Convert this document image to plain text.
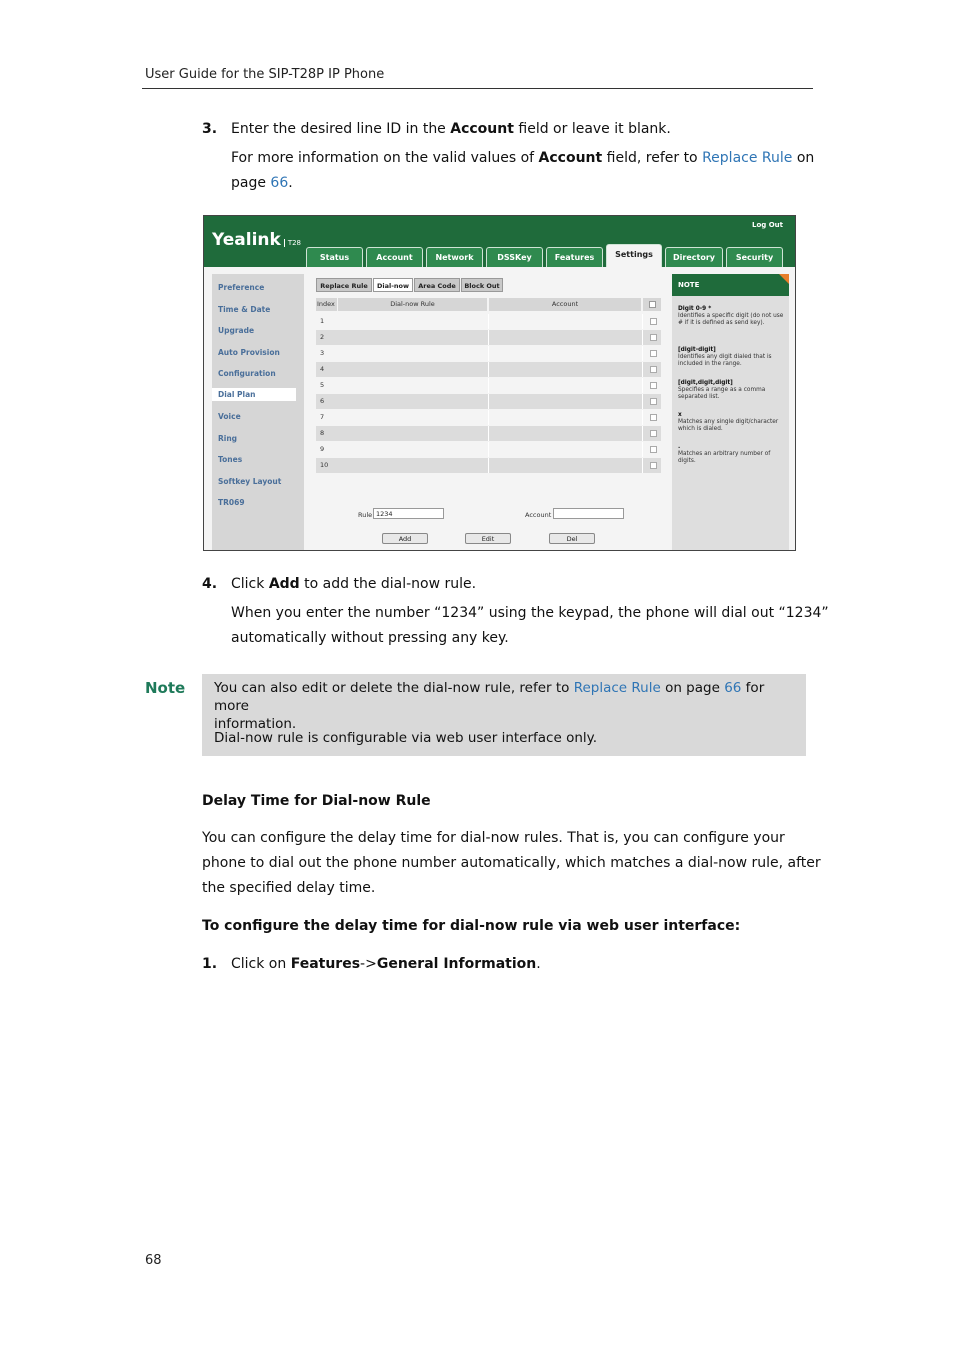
User Guide for the SIP-T28P IP Phone
3. Enter the desired line ID in the Account field or leave it blank.
For more information on the valid values of Account field, refer to Replace Rule on
page 66.
Yealink T28
Log Out
Status	Account	Network	DSSKey	Features	Settings	Directory	Security
Preference
Time & Date
Upgrade
Auto Provision
Configuration
Dial Plan
Voice
Ring
Tones
Softkey Layout
TR069
Replace Rule	Dial-now	Area Code	Block Out
Index	Dial-now Rule	Account
1
2
3
4
5
6
7
8
9
10
Rule 1234	Account
Add	Edit	Del
NOTE
Digit 0-9 *
Identifies a specific digit (do not use # if it is defined as send key).
[digit-digit]
Identifies any digit dialed that is included in the range.
[digit,digit,digit]
Specifies a range as a comma separated list.
x
Matches any single digit/character which is dialed.
.
Matches an arbitrary number of digits.
4. Click Add to add the dial-now rule.
When you enter the number “1234” using the keypad, the phone will dial out “1234”
automatically without pressing any key.
Note You can also edit or delete the dial-now rule, refer to Replace Rule on page 66 for more
information.
Dial-now rule is configurable via web user interface only.
Delay Time for Dial-now Rule
You can configure the delay time for dial-now rules. That is, you can configure your
phone to dial out the phone number automatically, which matches a dial-now rule, after
the specified delay time.
To configure the delay time for dial-now rule via web user interface:
1. Click on Features->General Information.
68
